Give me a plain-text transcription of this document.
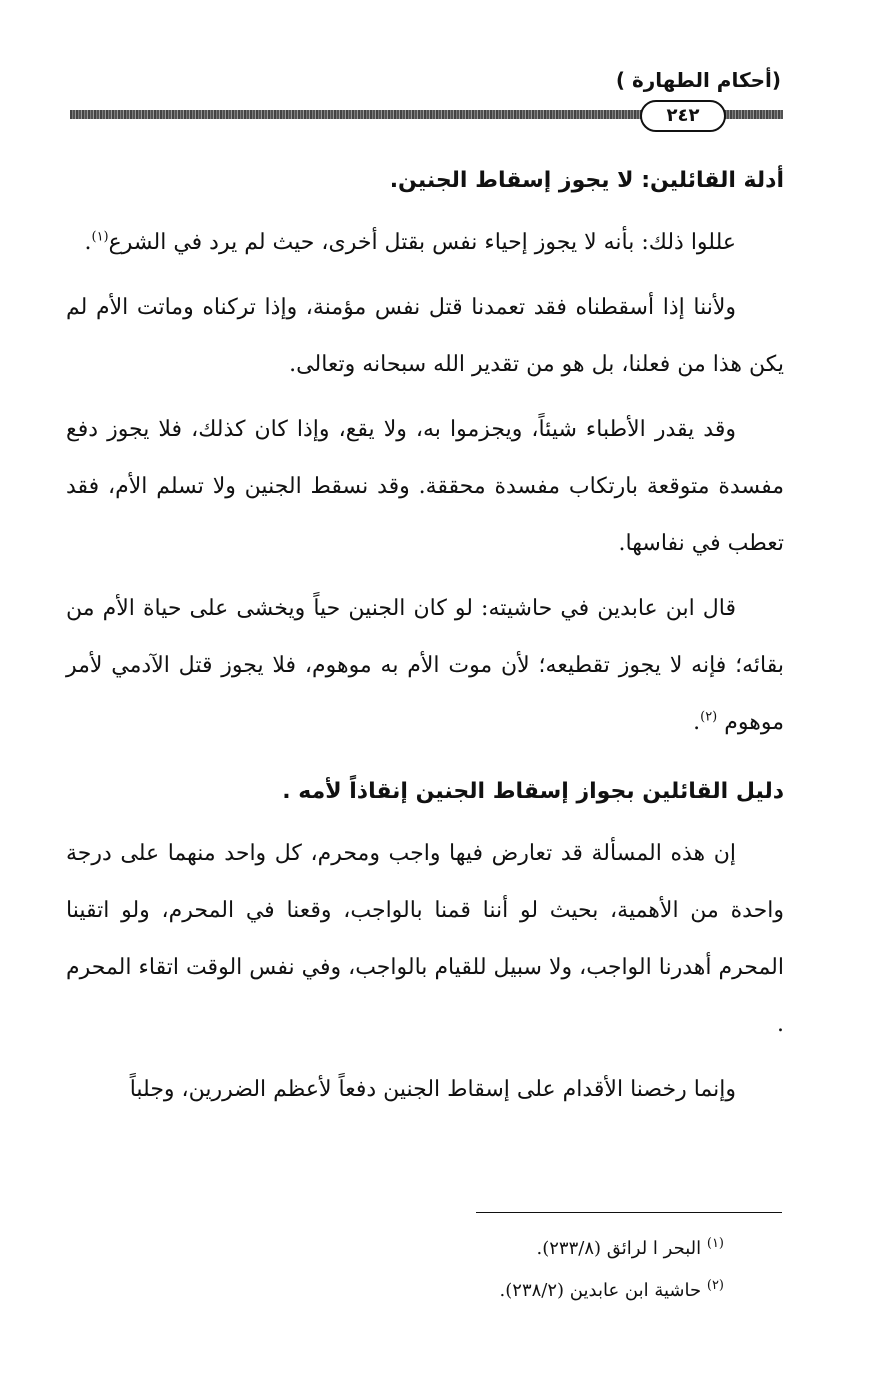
(أحكام الطهارة )
٢٤٢

أدلة القائلين: لا يجوز إسقاط الجنين.

عللوا ذلك: بأنه لا يجوز إحياء نفس بقتل أخرى، حيث لم يرد في الشرع$^{(١)}$.

ولأننا إذا أسقطناه فقد تعمدنا قتل نفس مؤمنة، وإذا تركناه وماتت الأم لم يكن هذا من فعلنا، بل هو من تقدير الله سبحانه وتعالى.

وقد يقدر الأطباء شيئاً، ويجزموا به، ولا يقع، وإذا كان كذلك، فلا يجوز دفع مفسدة متوقعة بارتكاب مفسدة محققة. وقد نسقط الجنين ولا تسلم الأم، فقد تعطب في نفاسها.

قال ابن عابدين في حاشيته: لو كان الجنين حياً ويخشى على حياة الأم من بقائه؛ فإنه لا يجوز تقطيعه؛ لأن موت الأم به موهوم، فلا يجوز قتل الآدمي لأمر موهوم $^{(٢)}$.

دليل القائلين بجواز إسقاط الجنين إنقاذاً لأمه .

إن هذه المسألة قد تعارض فيها واجب ومحرم، كل واحد منهما على درجة واحدة من الأهمية، بحيث لو أننا قمنا بالواجب، وقعنا في المحرم، ولو اتقينا المحرم أهدرنا الواجب، ولا سبيل للقيام بالواجب، وفي نفس الوقت اتقاء المحرم .

وإنما رخصنا الأقدام على إسقاط الجنين دفعاً لأعظم الضررين، وجلباً

$^{(١)}$ البحر ا لرائق (٢٣٣/٨).

$^{(٢)}$ حاشية ابن عابدين (٢٣٨/٢).
